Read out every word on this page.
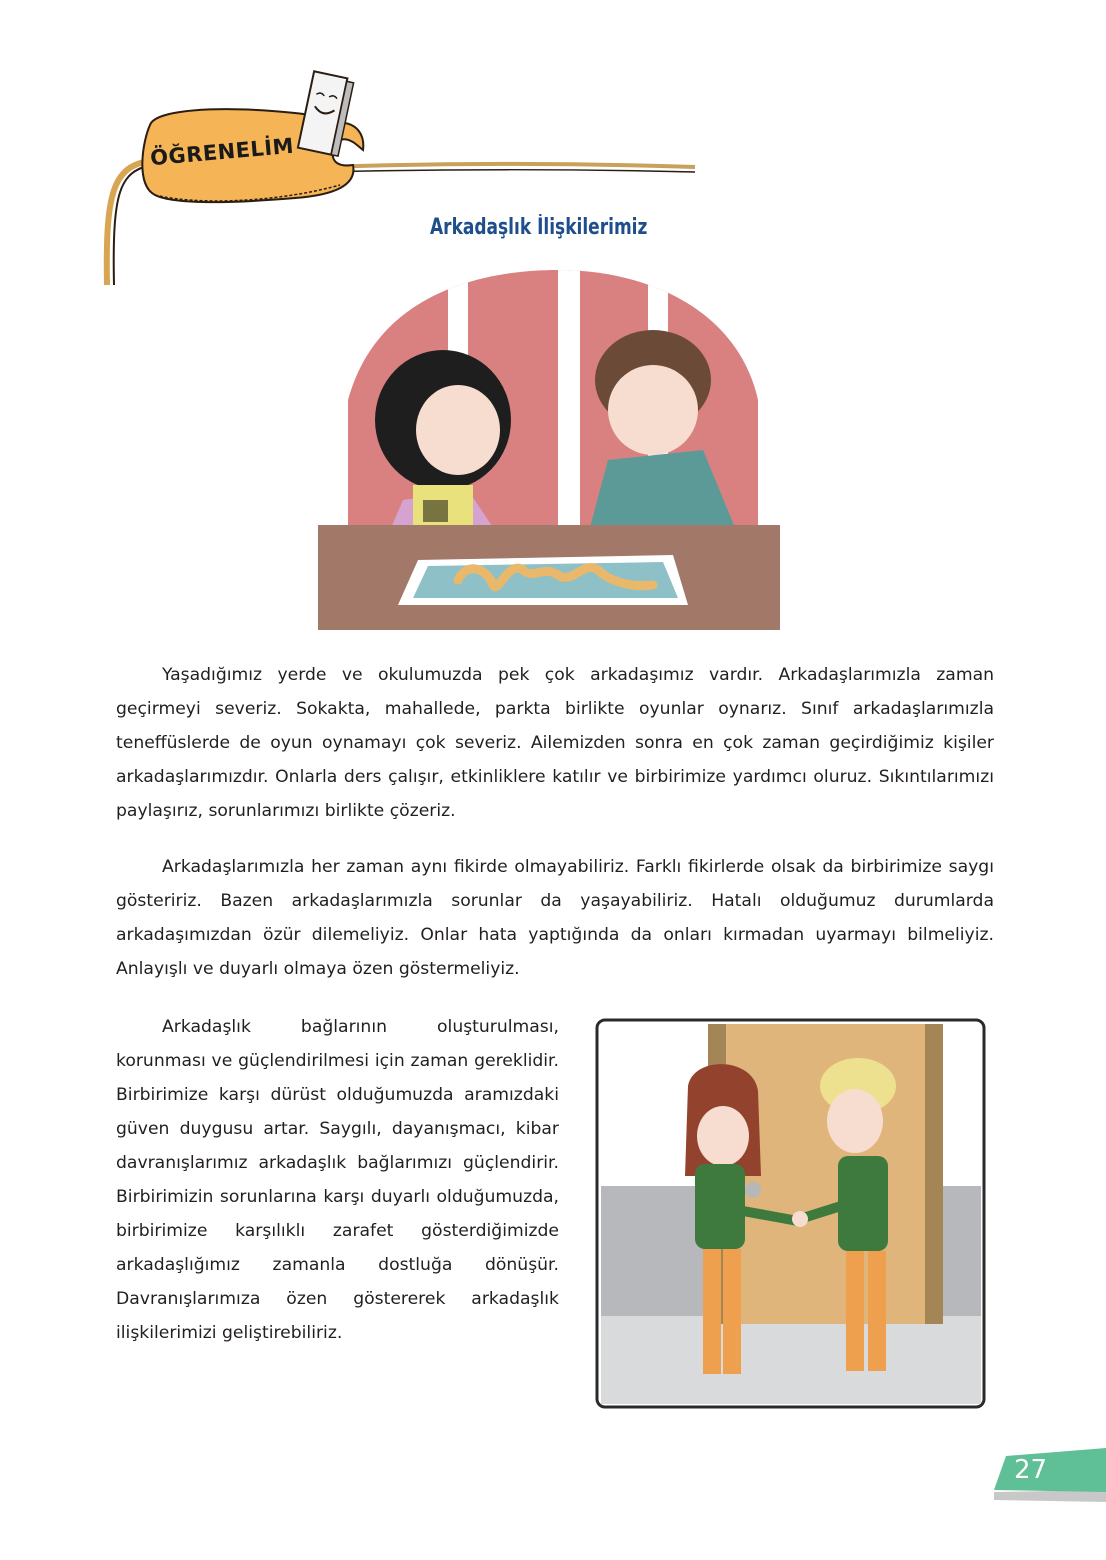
ÖĞRENELİM
Arkadaşlık İlişkilerimiz
Yaşadığımız yerde ve okulumuzda pek çok arkadaşımız vardır. Arkadaşlarımızla zaman geçirmeyi severiz. Sokakta, mahallede, parkta birlikte oyunlar oynarız. Sınıf arkadaşlarımızla teneffüslerde de oyun oynamayı çok severiz. Ailemizden sonra en çok zaman geçirdiğimiz kişiler arkadaşlarımızdır. Onlarla ders çalışır, etkinliklere katılır ve birbirimize yardımcı oluruz. Sıkıntılarımızı paylaşırız, sorunlarımızı birlikte çözeriz.
Arkadaşlarımızla her zaman aynı fikirde olmayabiliriz. Farklı fikirlerde olsak da birbirimize saygı gösteririz. Bazen arkadaşlarımızla sorunlar da yaşayabiliriz. Hatalı olduğumuz durumlarda arkadaşımızdan özür dilemeliyiz. Onlar hata yaptığında da onları kırmadan uyarmayı bilmeliyiz. Anlayışlı ve duyarlı olmaya özen göstermeliyiz.
Arkadaşlık bağlarının oluşturulması, korunması ve güçlendirilmesi için zaman gereklidir. Birbirimize karşı dürüst olduğumuzda aramızdaki güven duygusu artar. Saygılı, dayanışmacı, kibar davranışlarımız arkadaşlık bağlarımızı güçlendirir. Birbirimizin sorunlarına karşı duyarlı olduğumuzda, birbirimize karşılıklı zarafet gösterdiğimizde arkadaşlığımız zamanla dostluğa dönüşür. Davranışlarımıza özen göstererek arkadaşlık ilişkilerimizi geliştirebiliriz.
27
